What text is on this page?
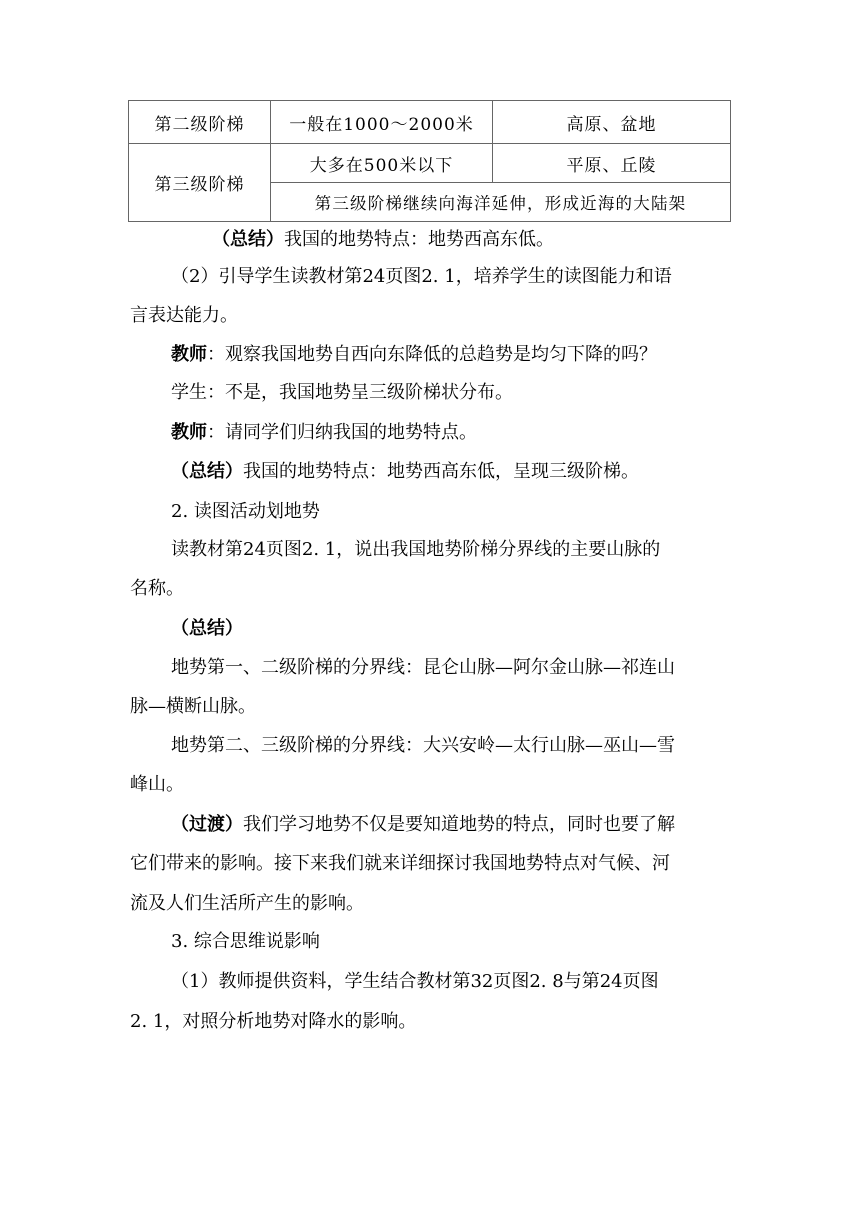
第二级阶梯	一般在1000～2000米	高原、盆地
第三级阶梯	大多在500米以下	平原、丘陵
	第三级阶梯继续向海洋延伸，形成近海的大陆架	
（总结）我国的地势特点：地势西高东低。
（2）引导学生读教材第24页图2. 1，培养学生的读图能力和语
言表达能力。
教师：观察我国地势自西向东降低的总趋势是均匀下降的吗？
学生：不是，我国地势呈三级阶梯状分布。
教师：请同学们归纳我国的地势特点。
（总结）我国的地势特点：地势西高东低，呈现三级阶梯。
2. 读图活动划地势
读教材第24页图2. 1，说出我国地势阶梯分界线的主要山脉的
名称。
（总结）
地势第一、二级阶梯的分界线：昆仑山脉—阿尔金山脉—祁连山
脉—横断山脉。
地势第二、三级阶梯的分界线：大兴安岭—太行山脉—巫山—雪
峰山。
（过渡）我们学习地势不仅是要知道地势的特点，同时也要了解
它们带来的影响。接下来我们就来详细探讨我国地势特点对气候、河
流及人们生活所产生的影响。
3. 综合思维说影响
（1）教师提供资料，学生结合教材第32页图2. 8与第24页图
2. 1，对照分析地势对降水的影响。
